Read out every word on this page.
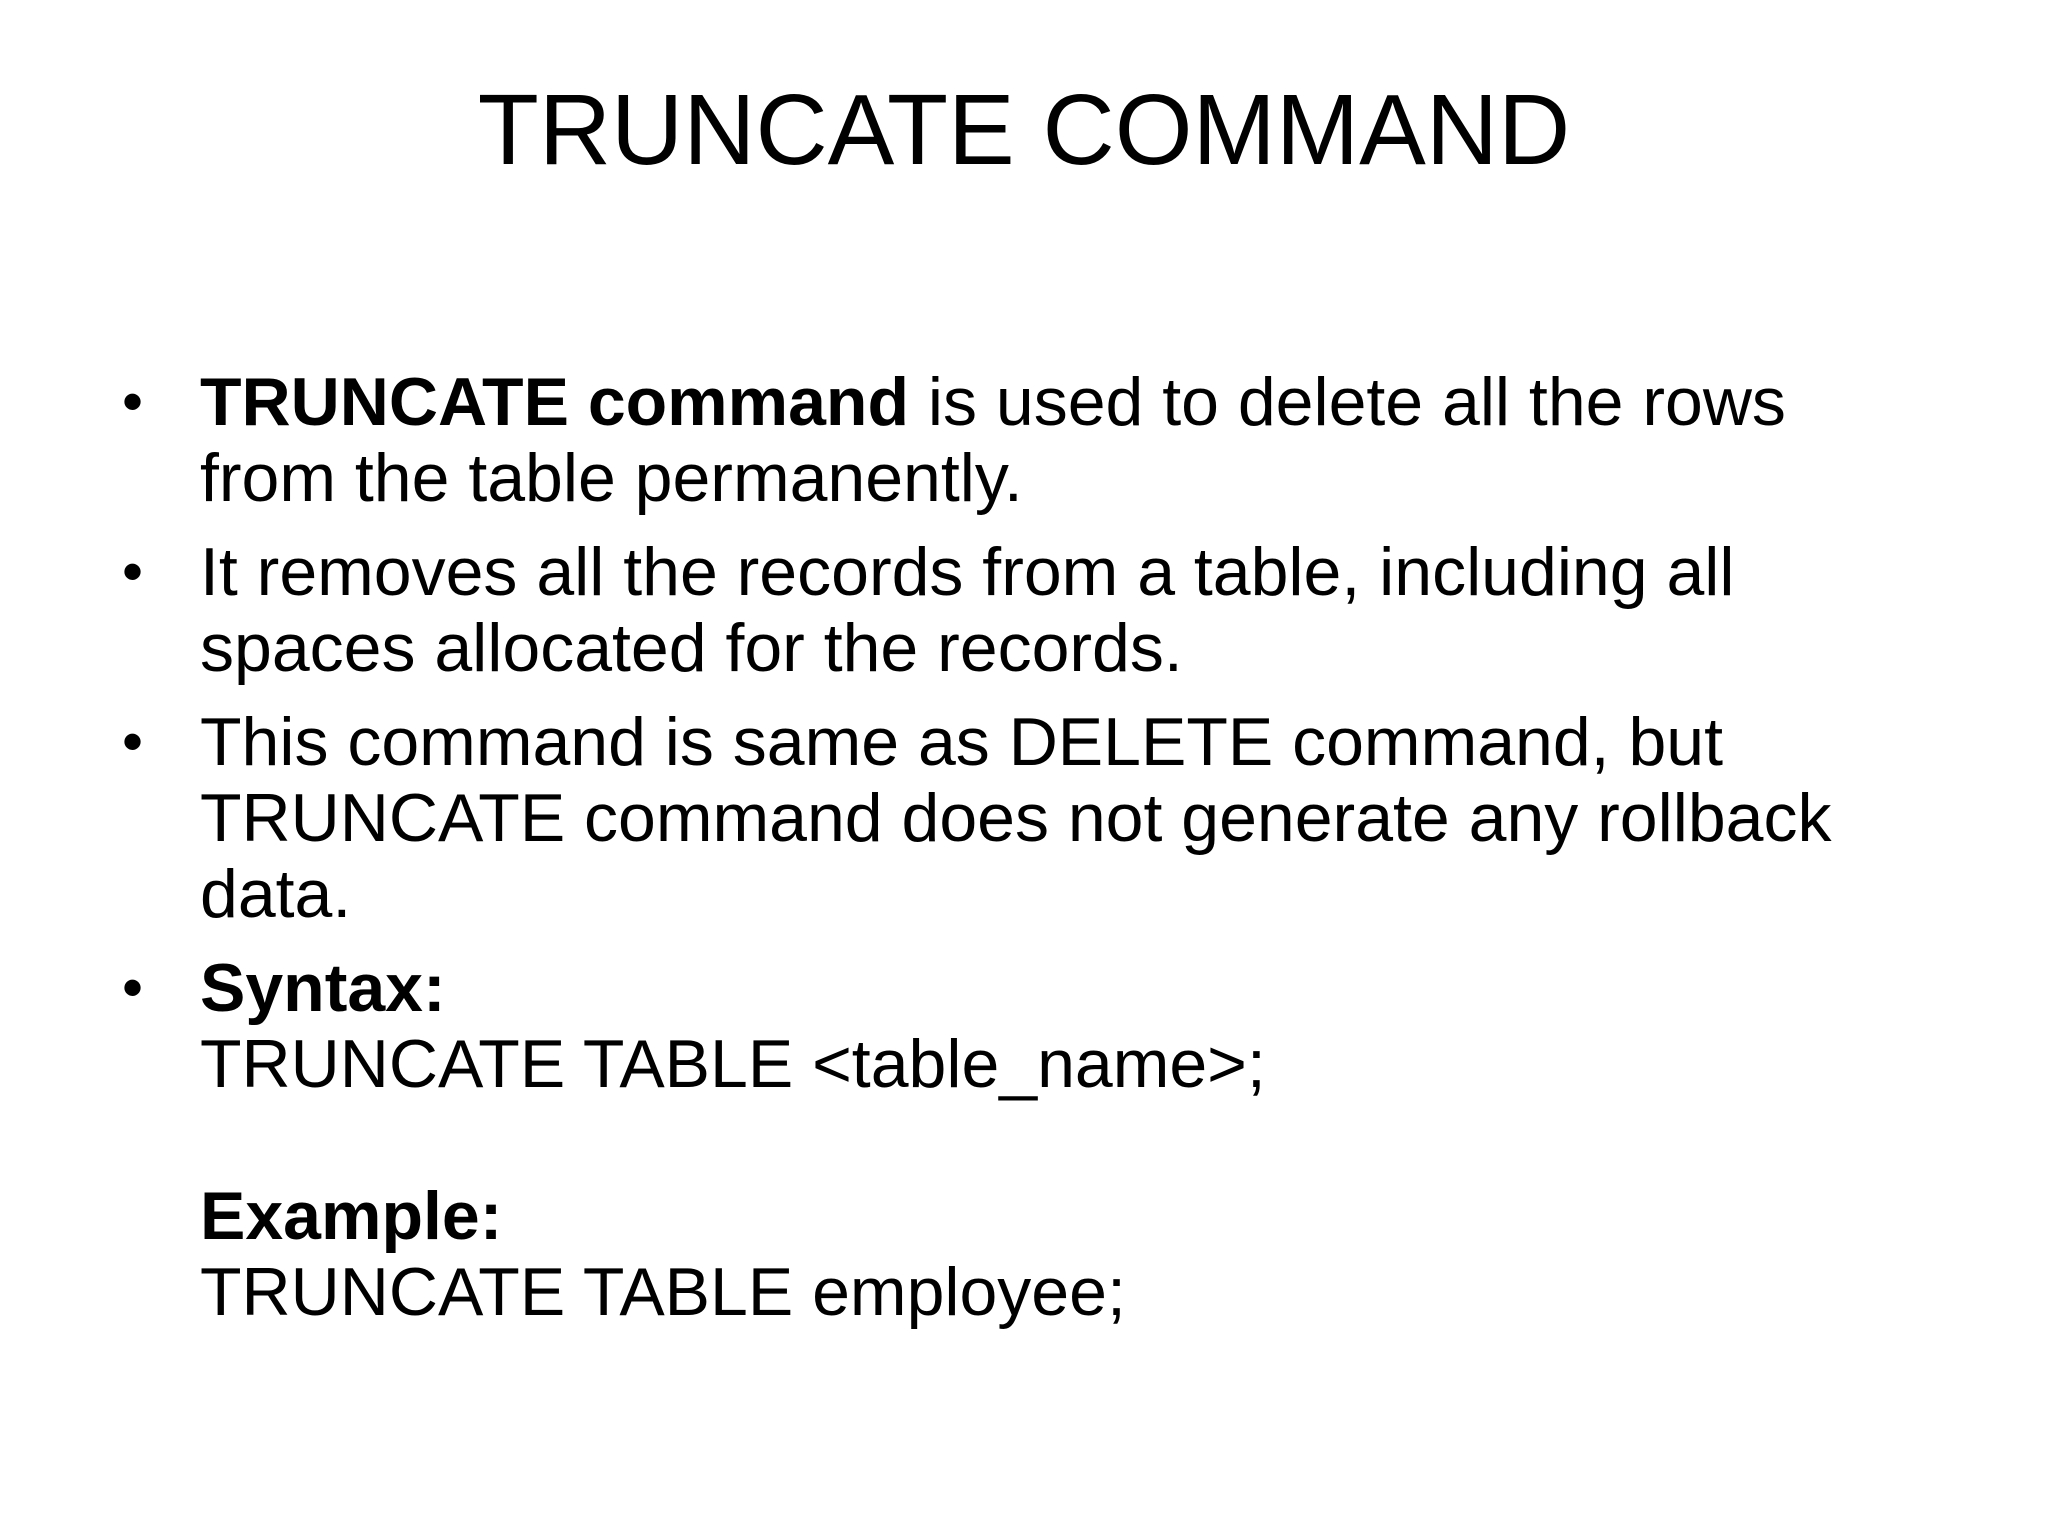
TRUNCATE COMMAND
• TRUNCATE command is used to delete all the rows from the table permanently.
• It removes all the records from a table, including all spaces allocated for the records.
• This command is same as DELETE command, but TRUNCATE command does not generate any rollback data.
• Syntax:
TRUNCATE TABLE <table_name>;
Example:
TRUNCATE TABLE employee;
